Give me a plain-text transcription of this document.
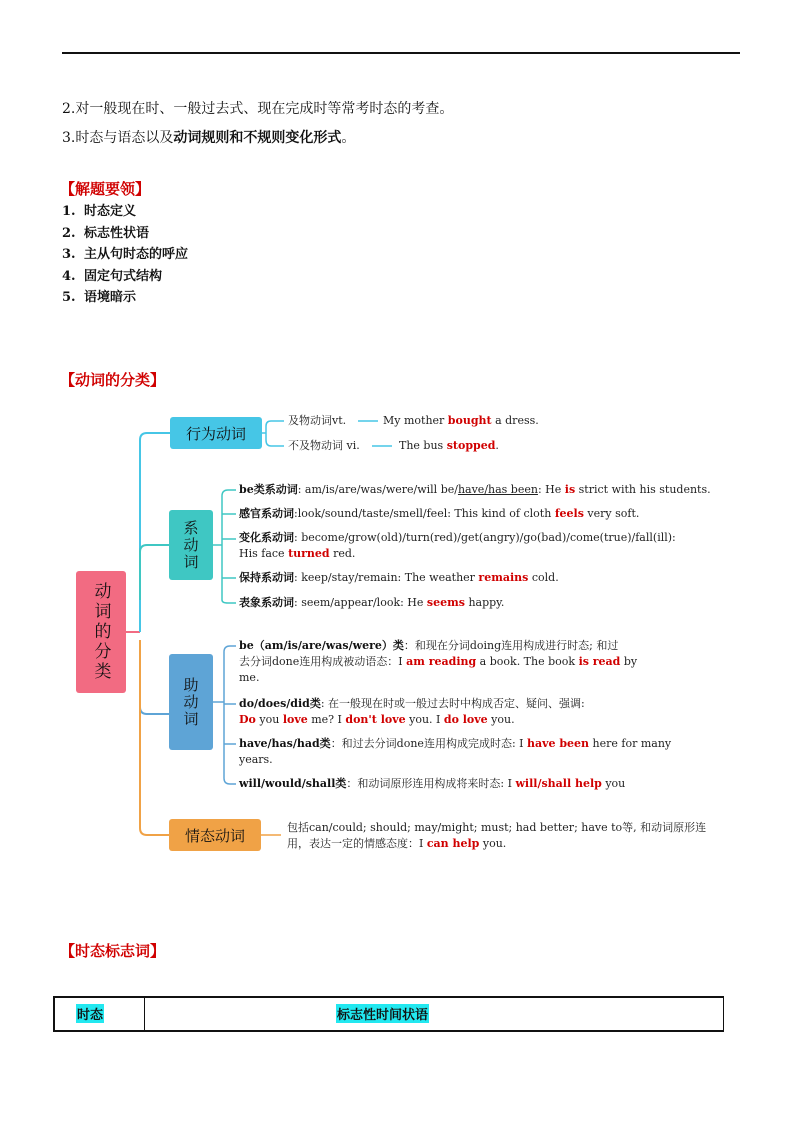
2.对一般现在时、一般过去式、现在完成时等常考时态的考查。
3.时态与语态以及动词规则和不规则变化形式。
【解题要领】
1. 时态定义
2. 标志性状语
3. 主从句时态的呼应
4. 固定句式结构
5. 语境暗示
【动词的分类】
动词的分类
行为动词
系动词
助动词
情态动词
及物动词vt.	My mother bought a dress.
不及物动词 vi.	The bus stopped.
be类系动词: am/is/are/was/were/will be/have/has been: He is strict with his students.
感官系动词:look/sound/taste/smell/feel: This kind of cloth feels very soft.
变化系动词: become/grow(old)/turn(red)/get(angry)/go(bad)/come(true)/fall(ill):
His face turned red.
保持系动词: keep/stay/remain: The weather remains cold.
表象系动词: seem/appear/look: He seems happy.
be（am/is/are/was/were）类：和现在分词doing连用构成进行时态; 和过
去分词done连用构成被动语态：I am reading a book. The book is read by
me.
do/does/did类: 在一般现在时或一般过去时中构成否定、疑问、强调:
Do you love me? I don't love you. I do love you.
have/has/had类：和过去分词done连用构成完成时态: I have been here for many
years.
will/would/shall类：和动词原形连用构成将来时态: I will/shall help you
包括can/could; should; may/might; must; had better; have to等, 和动词原形连
用，表达一定的情感态度：I can help you.
【时态标志词】
时态	标志性时间状语
